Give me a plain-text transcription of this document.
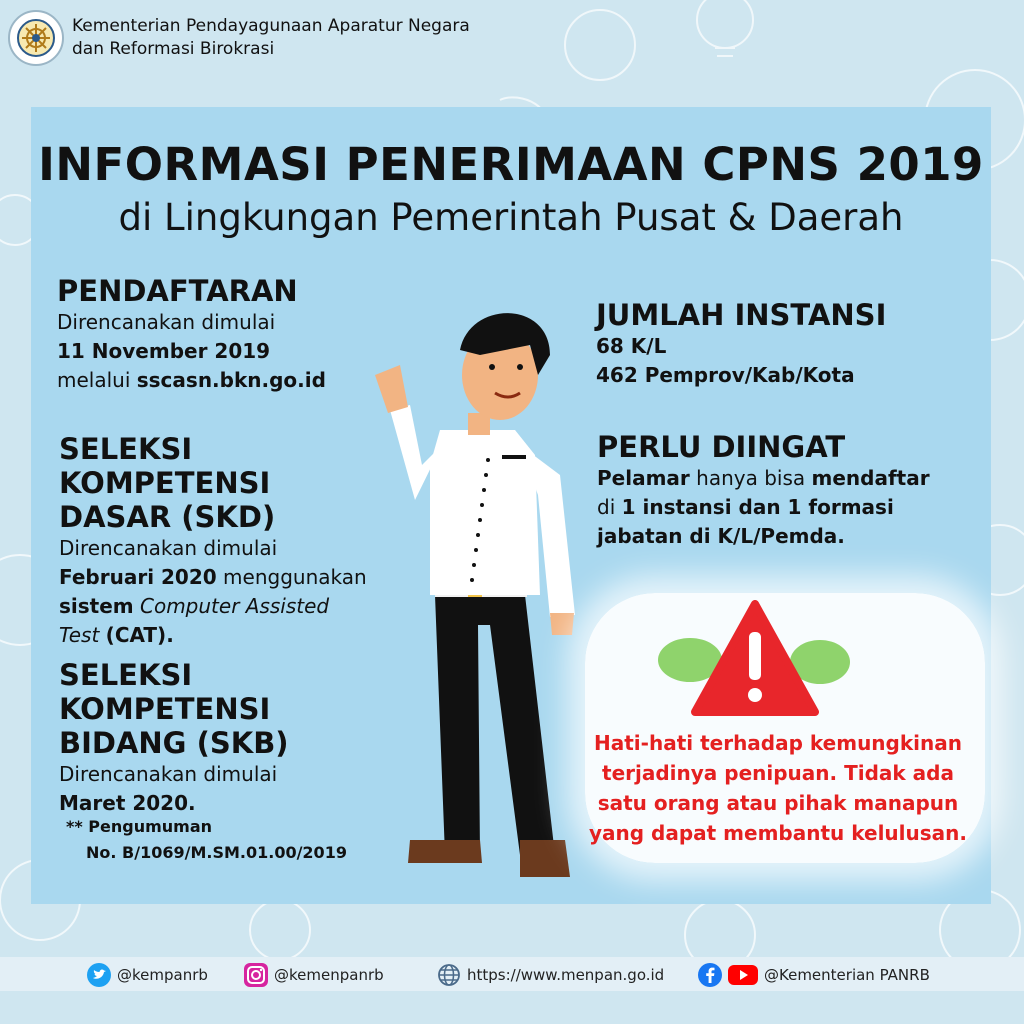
Kementerian Pendayagunaan Aparatur Negara
dan Reformasi Birokrasi
INFORMASI PENERIMAAN CPNS 2019
di Lingkungan Pemerintah Pusat & Daerah
PENDAFTARAN
Direncanakan dimulai
11 November 2019
melalui sscasn.bkn.go.id
SELEKSI KOMPETENSI
DASAR (SKD)
Direncanakan dimulai
Februari 2020 menggunakan
sistem Computer Assisted
Test (CAT).
SELEKSI KOMPETENSI
BIDANG (SKB)
Direncanakan dimulai
Maret 2020.
** Pengumuman
No. B/1069/M.SM.01.00/2019
JUMLAH INSTANSI
68 K/L
462 Pemprov/Kab/Kota
PERLU DIINGAT
Pelamar hanya bisa mendaftar
di 1 instansi dan 1 formasi
jabatan di K/L/Pemda.
Hati-hati terhadap kemungkinan
terjadinya penipuan. Tidak ada
satu orang atau pihak manapun
yang dapat membantu kelulusan.
@kempanrb	@kemenpanrb	https://www.menpan.go.id	@Kementerian PANRB
